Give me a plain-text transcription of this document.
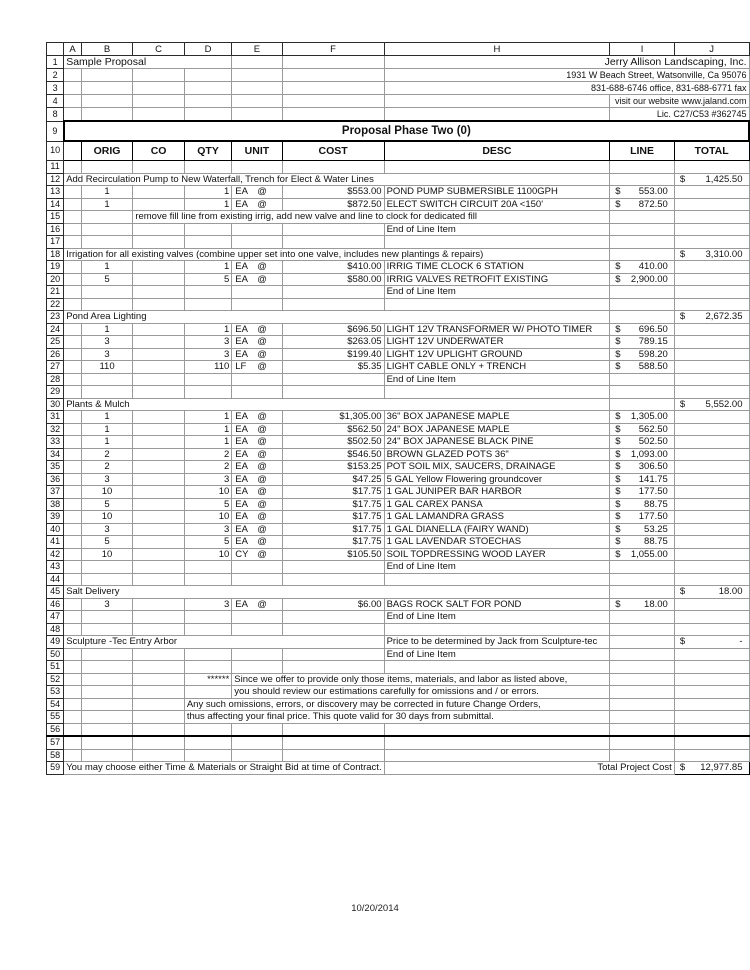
	A	B	C	D	E	F	H	I	J
1	Sample Proposal						Jerry Allison Landscaping, Inc.		
2							1931 W Beach Street, Watsonville, Ca 95076		
3							831-688-6746 office, 831-688-6771 fax		
4								visit our website www.jaland.com	
8								Lic. C27/C53 #362745	
9	Proposal Phase Two (0)								
10		ORIG	CO	QTY	UNIT	COST	DESC	LINE	TOTAL
11									
12	Add Recirculation Pump to New Waterfall, Trench for Elect & Water Lines								$ 1,425.50

13		1		1	EA @	$553.00	POND PUMP SUBMERSIBLE 1100GPH	$ 553.00	

14		1		1	EA @	$872.50	ELECT SWITCH CIRCUIT 20A <150'	$ 872.50	

15			remove fill line from existing irrig, add new valve and line to clock for dedicated fill						
16							End of Line Item		
17									
18	Irrigation for all existing valves (combine upper set into one valve, includes new plantings & repairs)								$ 3,310.00

19		1		1	EA @	$410.00	IRRIG TIME CLOCK 6 STATION	$ 410.00	

20		5		5	EA @	$580.00	IRRIG VALVES RETROFIT EXISTING	$ 2,900.00	

21							End of Line Item		
22									
23	Pond Area Lighting								$ 2,672.35

24		1		1	EA @	$696.50	LIGHT 12V TRANSFORMER W/ PHOTO TIMER	$ 696.50	

25		3		3	EA @	$263.05	LIGHT 12V UNDERWATER	$ 789.15	

26		3		3	EA @	$199.40	LIGHT 12V UPLIGHT GROUND	$ 598.20	

27		110		110	LF @	$5.35	LIGHT CABLE ONLY + TRENCH	$ 588.50	

28							End of Line Item		
29									
30	Plants & Mulch								$ 5,552.00

31		1		1	EA @	$1,305.00	36" BOX JAPANESE MAPLE	$ 1,305.00	

32		1		1	EA @	$562.50	24" BOX JAPANESE MAPLE	$ 562.50	

33		1		1	EA @	$502.50	24" BOX JAPANESE BLACK PINE	$ 502.50	

34		2		2	EA @	$546.50	BROWN GLAZED POTS 36"	$ 1,093.00	

35		2		2	EA @	$153.25	POT SOIL MIX, SAUCERS, DRAINAGE	$ 306.50	

36		3		3	EA @	$47.25	5 GAL Yellow Flowering groundcover	$ 141.75	

37		10		10	EA @	$17.75	1 GAL JUNIPER BAR HARBOR	$ 177.50	

38		5		5	EA @	$17.75	1 GAL CAREX PANSA	$ 88.75	

39		10		10	EA @	$17.75	1 GAL LAMANDRA GRASS	$ 177.50	

40		3		3	EA @	$17.75	1 GAL DIANELLA (FAIRY WAND)	$ 53.25	

41		5		5	EA @	$17.75	1 GAL LAVENDAR STOECHAS	$ 88.75	

42		10		10	CY @	$105.50	SOIL TOPDRESSING WOOD LAYER	$ 1,055.00	

43							End of Line Item		
44									
45	Salt Delivery								$ 18.00

46		3		3	EA @	$6.00	BAGS ROCK SALT FOR POND	$ 18.00	

47							End of Line Item		
48									
49	Sculpture -Tec Entry Arbor						Price to be determined by Jack from Sculpture-tec		$ -

50							End of Line Item		
51									
52				******	Since we offer to provide only those items, materials, and labor as listed above,				
53					you should review our estimations carefully for omissions and / or errors.				
54				Any such omissions, errors, or discovery may be corrected in future Change Orders,					
55				thus affecting your final price. This quote valid for 30 days from submittal.					
56									
57									
58									
59	You may choose either Time & Materials or Straight Bid at time of Contract.						Total Project Cost		$ 12,977.85
10/20/2014
